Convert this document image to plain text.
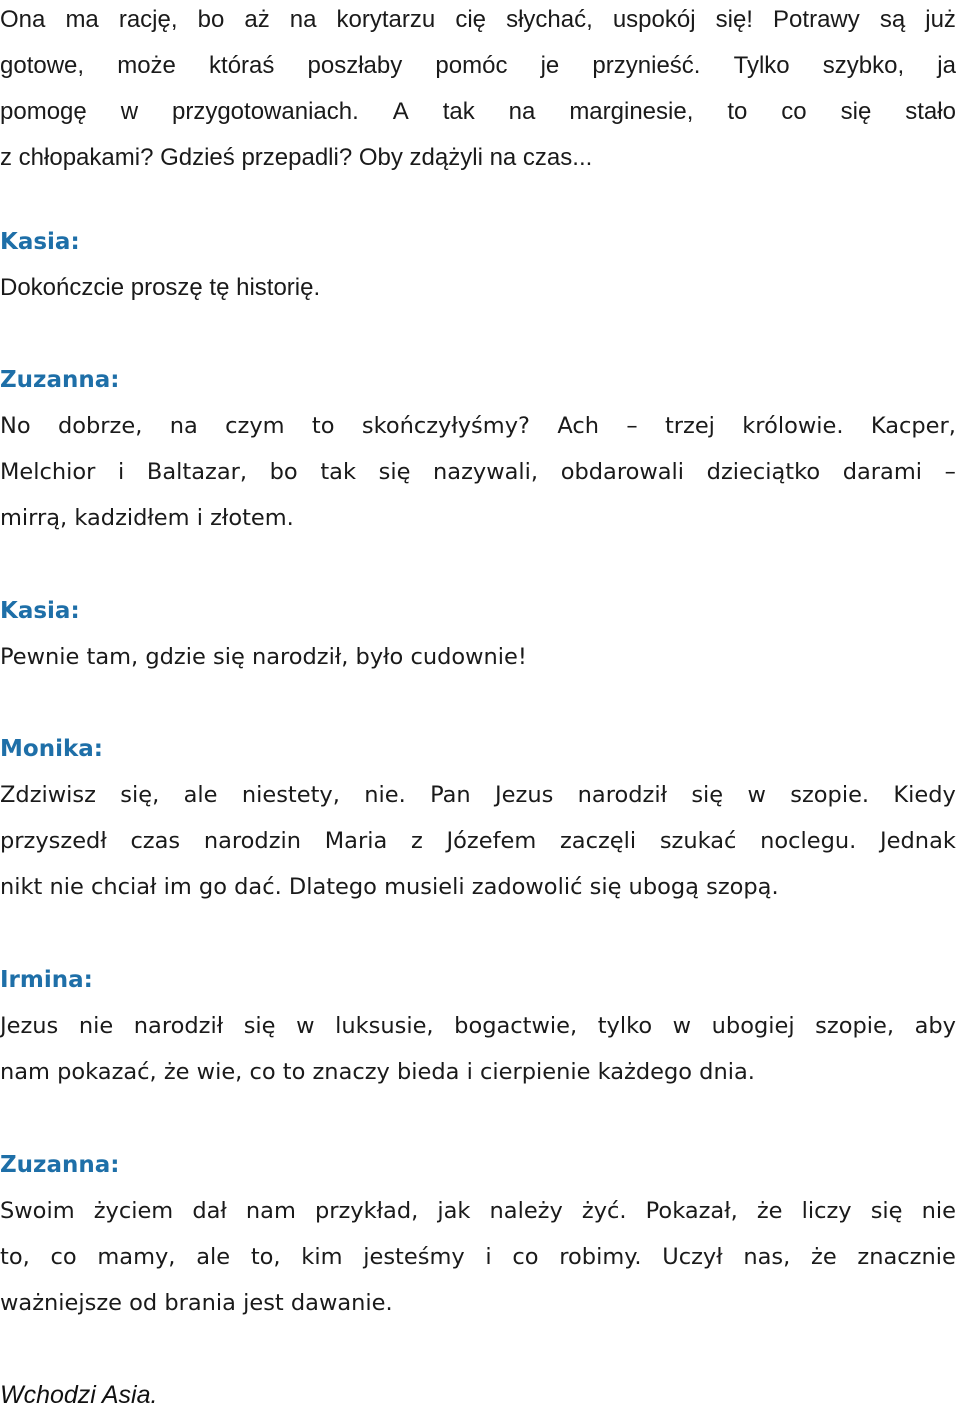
Ona ma rację, bo aż na korytarzu cię słychać, uspokój się! Potrawy są już
gotowe, może któraś poszłaby pomóc je przynieść. Tylko szybko, ja
pomogę w przygotowaniach. A tak na marginesie, to co się stało
z chłopakami? Gdzieś przepadli? Oby zdążyli na czas...
Kasia:
Dokończcie proszę tę historię.
Zuzanna:
No dobrze, na czym to skończyłyśmy? Ach – trzej królowie. Kacper,
Melchior i Baltazar, bo tak się nazywali, obdarowali dzieciątko darami –
mirrą, kadzidłem i złotem.
Kasia:
Pewnie tam, gdzie się narodził, było cudownie!
Monika:
Zdziwisz się, ale niestety, nie. Pan Jezus narodził się w szopie. Kiedy
przyszedł czas narodzin Maria z Józefem zaczęli szukać noclegu. Jednak
nikt nie chciał im go dać. Dlatego musieli zadowolić się ubogą szopą.
Irmina:
Jezus nie narodził się w luksusie, bogactwie, tylko w ubogiej szopie, aby
nam pokazać, że wie, co to znaczy bieda i cierpienie każdego dnia.
Zuzanna:
Swoim życiem dał nam przykład, jak należy żyć. Pokazał, że liczy się nie
to, co mamy, ale to, kim jesteśmy i co robimy. Uczył nas, że znacznie
ważniejsze od brania jest dawanie.
Wchodzi Asia.
